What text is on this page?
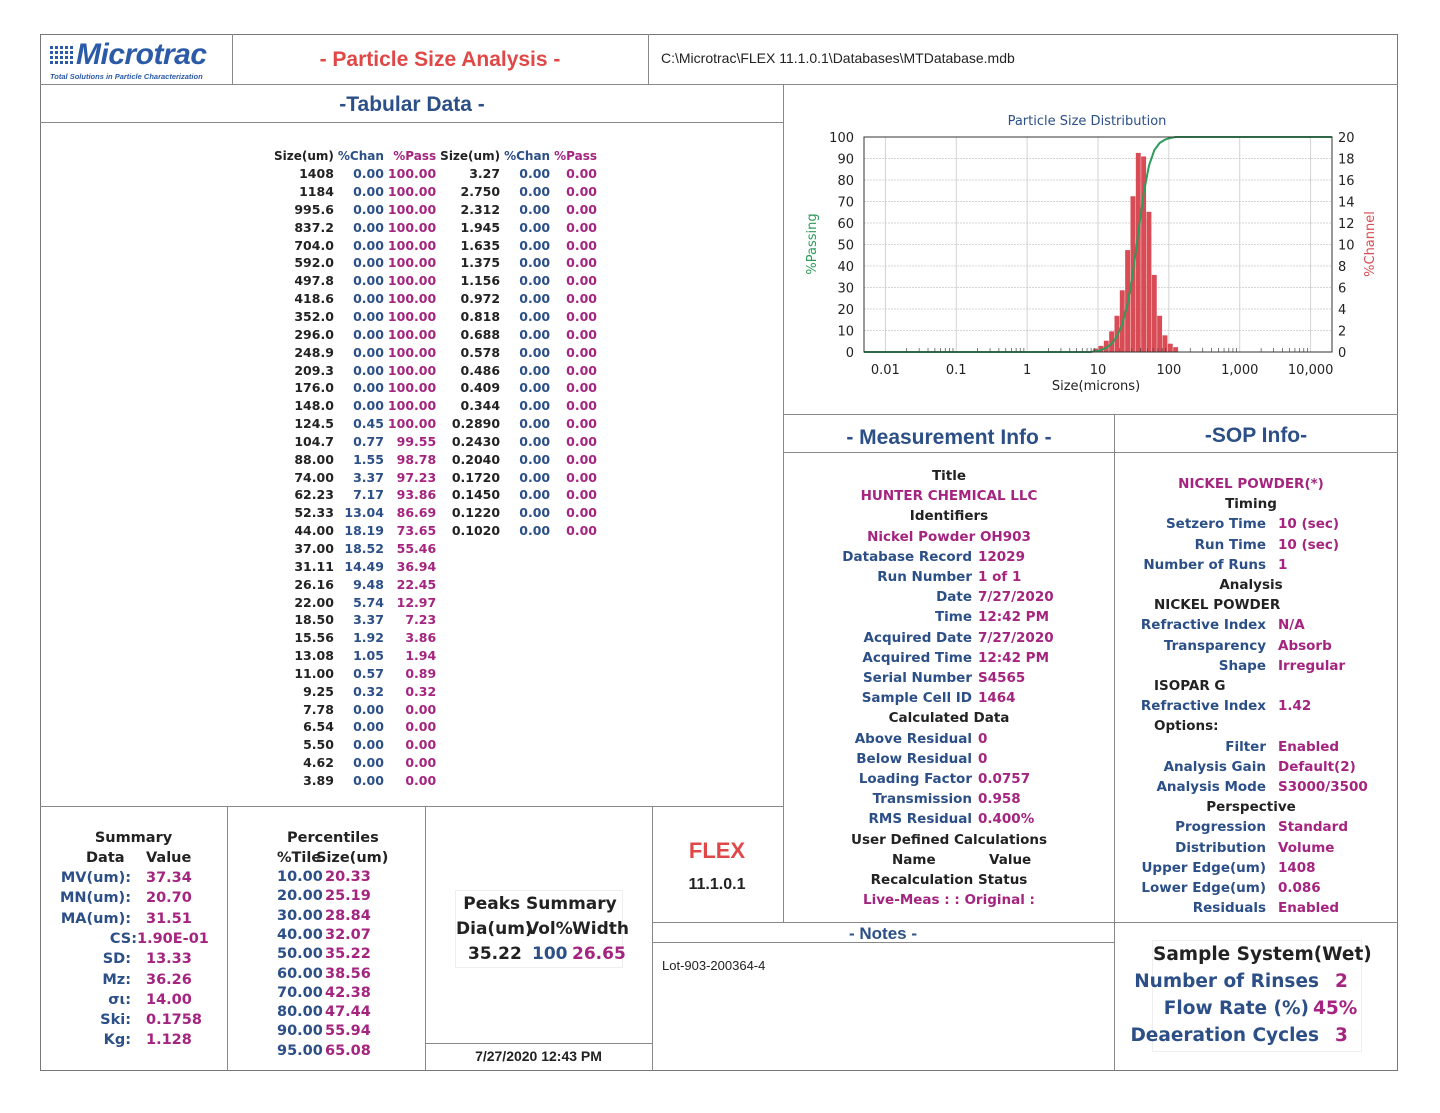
Microtrac
Total Solutions in Particle Characterization
- Particle Size Analysis -	C:\Microtrac\FLEX 11.1.0.1\Databases\MTDatabase.mdb
-Tabular Data -
Size(um)	%Chan	%Pass	Size(um)	%Chan	%Pass
1408	0.00	100.00	3.27	0.00	0.00
1184	0.00	100.00	2.750	0.00	0.00
995.6	0.00	100.00	2.312	0.00	0.00
837.2	0.00	100.00	1.945	0.00	0.00
704.0	0.00	100.00	1.635	0.00	0.00
592.0	0.00	100.00	1.375	0.00	0.00
497.8	0.00	100.00	1.156	0.00	0.00
418.6	0.00	100.00	0.972	0.00	0.00
352.0	0.00	100.00	0.818	0.00	0.00
296.0	0.00	100.00	0.688	0.00	0.00
248.9	0.00	100.00	0.578	0.00	0.00
209.3	0.00	100.00	0.486	0.00	0.00
176.0	0.00	100.00	0.409	0.00	0.00
148.0	0.00	100.00	0.344	0.00	0.00
124.5	0.45	100.00	0.2890	0.00	0.00
104.7	0.77	99.55	0.2430	0.00	0.00
88.00	1.55	98.78	0.2040	0.00	0.00
74.00	3.37	97.23	0.1720	0.00	0.00
62.23	7.17	93.86	0.1450	0.00	0.00
52.33	13.04	86.69	0.1220	0.00	0.00
44.00	18.19	73.65	0.1020	0.00	0.00
37.00	18.52	55.46			
31.11	14.49	36.94			
26.16	9.48	22.45			
22.00	5.74	12.97			
18.50	3.37	7.23			
15.56	1.92	3.86			
13.08	1.05	1.94			
11.00	0.57	0.89			
9.25	0.32	0.32			
7.78	0.00	0.00			
6.54	0.00	0.00			
5.50	0.00	0.00			
4.62	0.00	0.00			
3.89	0.00	0.00			
Particle Size Distribution
0
10
20
30
40
50
60
70
80
90
100
0
2
4
6
8
10
12
14
16
18
20
0.01	0.1	1	10	100	1,000 10,000
%Passing	%Channel
Size(microns)
- Measurement Info -
Title
HUNTER CHEMICAL LLC
Identifiers
Nickel Powder OH903
Database Record 12029
Run Number 1 of 1
Date 7/27/2020
Time 12:42 PM
Acquired Date 7/27/2020
Acquired Time 12:42 PM
Serial Number S4565
Sample Cell ID 1464
Calculated Data
Above Residual 0
Below Residual 0
Loading Factor 0.0757
Transmission 0.958
RMS Residual 0.400%
User Defined Calculations
Name	Value
Recalculation Status
Live-Meas : : Original :
-SOP Info-
NICKEL POWDER(*)
Timing
Setzero Time 10 (sec)
Run Time 10 (sec)
Number of Runs 1
Analysis
NICKEL POWDER
Refractive Index N/A
Transparency Absorb
Shape Irregular
ISOPAR G
Refractive Index 1.42
Options:
Filter Enabled
Analysis Gain Default(2)
Analysis Mode S3000/3500
Perspective
Progression Standard
Distribution Volume
Upper Edge(um) 1408
Lower Edge(um) 0.086
Residuals Enabled
Summary
Data Value
MV(um): 37.34
MN(um): 20.70
MA(um): 31.51
CS: 1.90E-01
SD: 13.33
Mz: 36.26
σι: 14.00
Ski: 0.1758
Kg: 1.128
Percentiles
%Tile
Size(um)
10.00 20.33
20.00 25.19
30.00 28.84
40.00 32.07
50.00 35.22
60.00 38.56
70.00 42.38
80.00 47.44
90.00 55.94
95.00 65.08
Peaks Summary
Dia(um)
Vol% Width
35.22 100 26.65
7/27/2020 12:43 PM
FLEX
11.1.0.1
- Notes -
Lot-903-200364-4
Sample System(Wet)
Number of Rinses 2
Flow Rate (%) 45%
Deaeration Cycles 3
